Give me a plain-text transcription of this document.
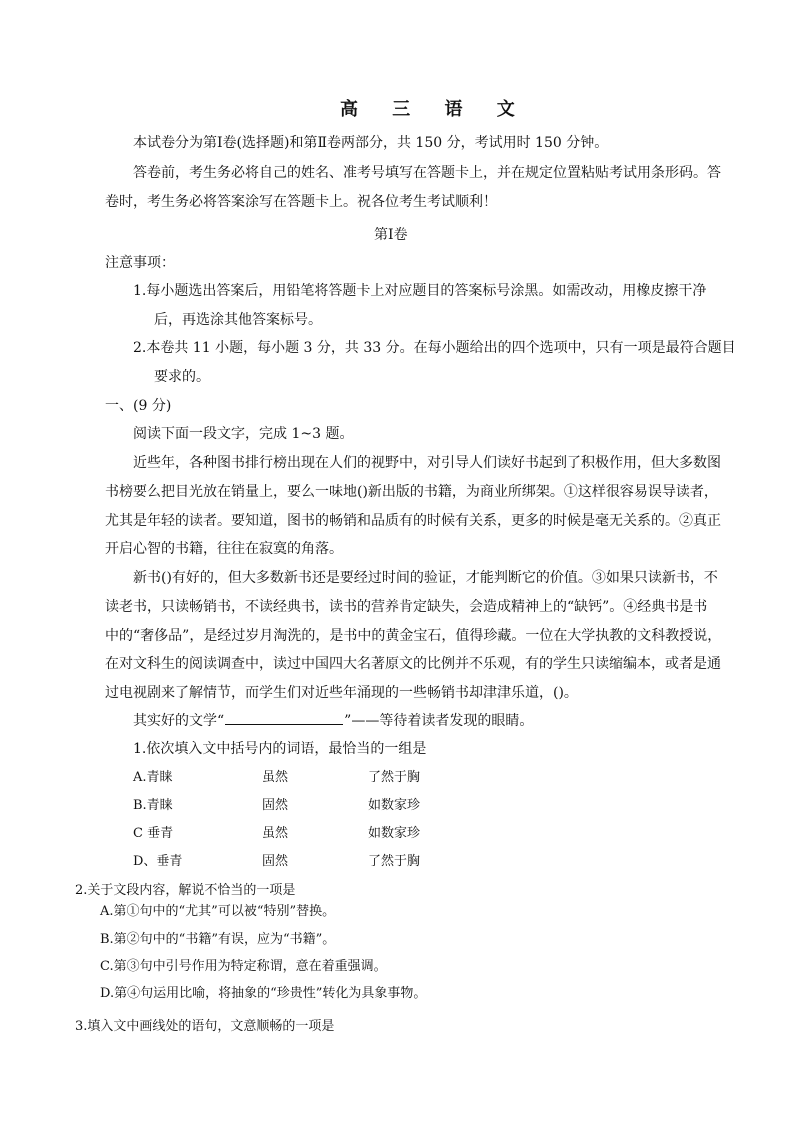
高 三 语 文
本试卷分为第Ⅰ卷(选择题)和第Ⅱ卷两部分，共 150 分，考试用时 150 分钟。
答卷前，考生务必将自己的姓名、准考号填写在答题卡上，并在规定位置粘贴考试用条形码。答
卷时，考生务必将答案涂写在答题卡上。祝各位考生考试顺利！
第Ⅰ卷
注意事项：
1.每小题选出答案后，用铅笔将答题卡上对应题目的答案标号涂黑。如需改动，用橡皮擦干净
后，再选涂其他答案标号。
2.本卷共 11 小题，每小题 3 分，共 33 分。在每小题给出的四个选项中，只有一项是最符合题目
要求的。
一、(9 分)
阅读下面一段文字，完成 1~3 题。
近些年，各种图书排行榜出现在人们的视野中，对引导人们读好书起到了积极作用，但大多数图
书榜要么把目光放在销量上，要么一味地()新出版的书籍，为商业所绑架。①这样很容易误导读者，
尤其是年轻的读者。要知道，图书的畅销和品质有的时候有关系，更多的时候是毫无关系的。②真正
开启心智的书籍，往往在寂寞的角落。
新书()有好的，但大多数新书还是要经过时间的验证，才能判断它的价值。③如果只读新书，不
读老书，只读畅销书，不读经典书，读书的营养肯定缺失，会造成精神上的“缺钙”。④经典书是书
中的“奢侈品”，是经过岁月淘洗的，是书中的黄金宝石，值得珍藏。一位在大学执教的文科教授说，
在对文科生的阅读调查中，读过中国四大名著原文的比例并不乐观，有的学生只读缩编本，或者是通
过电视剧来了解情节，而学生们对近些年涌现的一些畅销书却津津乐道，()。
其实好的文学“	”——等待着读者发现的眼睛。
1.依次填入文中括号内的词语，最恰当的一组是
A.青睐	虽然	了然于胸
B.青睐	固然	如数家珍
C 垂青	虽然	如数家珍
D、垂青	固然	了然于胸
2.关于文段内容，解说不恰当的一项是
A.第①句中的“尤其”可以被“特别”替换。
B.第②句中的“书籍”有误，应为“书籍”。
C.第③句中引号作用为特定称谓，意在着重强调。
D.第④句运用比喻，将抽象的“珍贵性”转化为具象事物。
3.填入文中画线处的语句，文意顺畅的一项是
